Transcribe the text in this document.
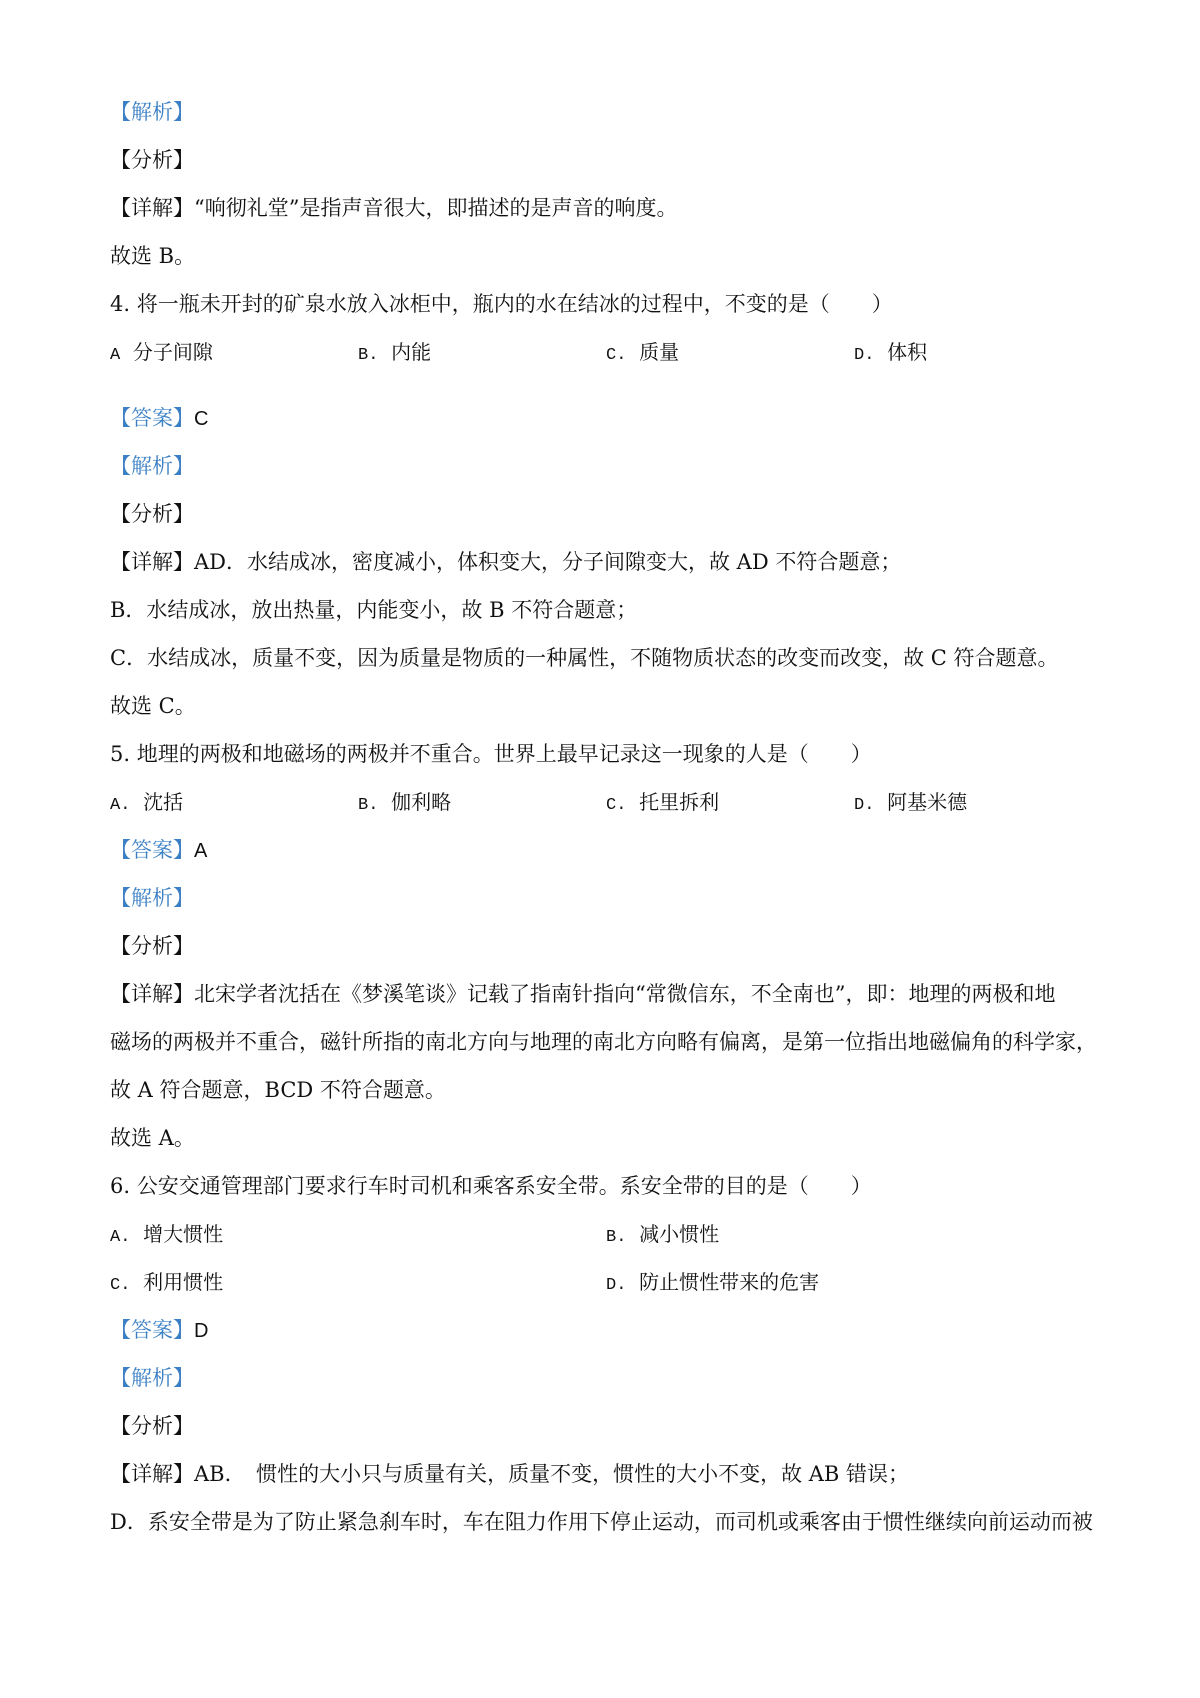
【解析】
【分析】
【详解】“响彻礼堂”是指声音很大，即描述的是声音的响度。
故选 B。
4. 将一瓶未开封的矿泉水放入冰柜中，瓶内的水在结冰的过程中，不变的是（　　）
A 分子间隙	B. 内能	C. 质量	D. 体积
【答案】C
【解析】
【分析】
【详解】AD．水结成冰，密度减小，体积变大，分子间隙变大，故 AD 不符合题意；
B．水结成冰，放出热量，内能变小，故 B 不符合题意；
C．水结成冰，质量不变，因为质量是物质的一种属性，不随物质状态的改变而改变，故 C 符合题意。
故选 C。
5. 地理的两极和地磁场的两极并不重合。世界上最早记录这一现象的人是（　　）
A. 沈括	B. 伽利略	C. 托里拆利	D. 阿基米德
【答案】A
【解析】
【分析】
【详解】北宋学者沈括在《梦溪笔谈》记载了指南针指向“常微信东，不全南也”，即：地理的两极和地
磁场的两极并不重合，磁针所指的南北方向与地理的南北方向略有偏离，是第一位指出地磁偏角的科学家，
故 A 符合题意，BCD 不符合题意。
故选 A。
6. 公安交通管理部门要求行车时司机和乘客系安全带。系安全带的目的是（　　）
A. 增大惯性	B. 减小惯性
C. 利用惯性	D. 防止惯性带来的危害
【答案】D
【解析】
【分析】
【详解】AB．　惯性的大小只与质量有关，质量不变，惯性的大小不变，故 AB 错误；
D．系安全带是为了防止紧急刹车时，车在阻力作用下停止运动，而司机或乘客由于惯性继续向前运动而被
